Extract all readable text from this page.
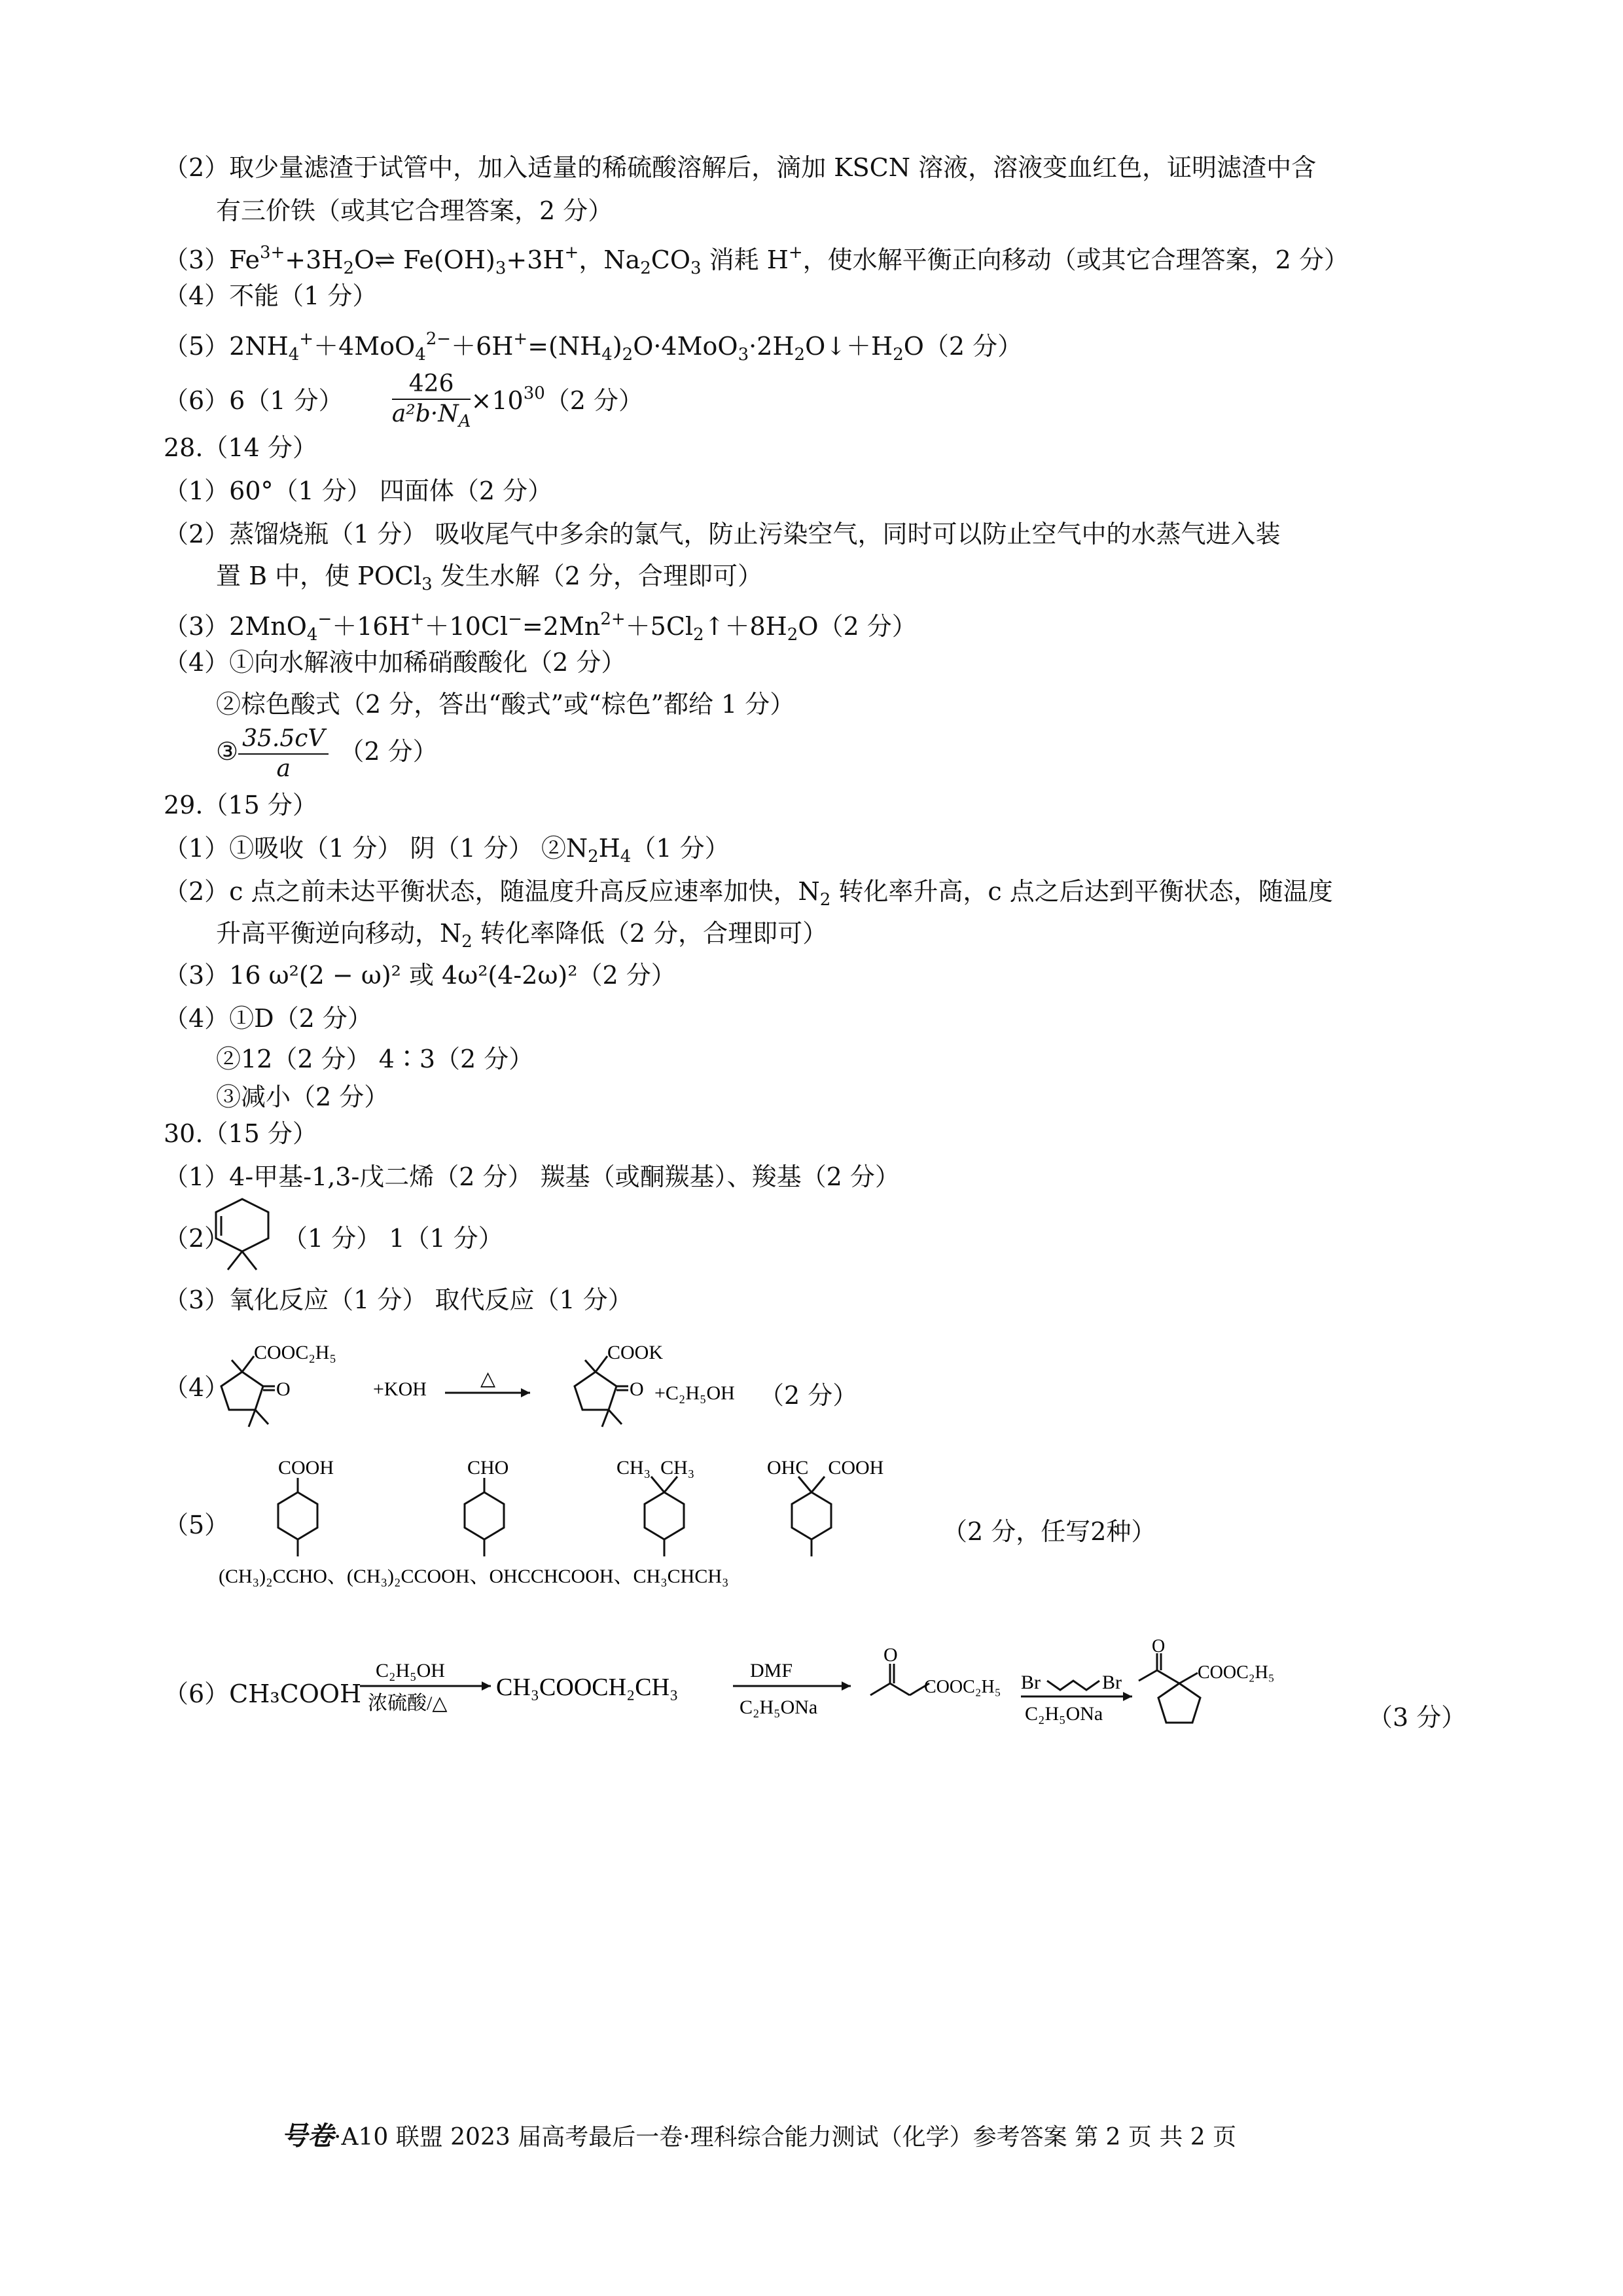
（2）取少量滤渣于试管中，加入适量的稀硫酸溶解后，滴加 KSCN 溶液，溶液变血红色，证明滤渣中含
有三价铁（或其它合理答案，2 分）
$(3)Fe^{3+}+3H_2O\rightleftharpoons$ $Fe(OH)_3+3H^+$，$Na_2CO_3$ 消耗 H+，使水解平衡正向移动（或其它合理答案，2 分）
（4）不能（1 分）
$(5)2NH_4^++4MoO_4^{2-}+6H^+=(NH_4)_2O\cdot 4MoO_3\cdot 2H_2O↓+H_2O(2$ 分）
（6）6（1 分） $\frac{426}{a^2b\cdot N_A} \times 10^{30}(2$ 分）
28.（14 分）
（1）60°（1 分） 四面体（2 分）
（2）蒸馏烧瓶（1 分） 吸收尾气中多余的氯气，防止污染空气，同时可以防止空气中的水蒸气进入装
置 B 中，使 POCl$_3$ 发生水解（2 分，合理即可）
$(3)2MnO_4^-+16H^++10Cl^-=2Mn^{2+}+5Cl_2↑+8H_2O(2$ 分）
（4）①向水解液中加稀硝酸酸化（2 分）
②棕色酸式（2 分，答出“酸式”或“棕色”都给 1 分）
③ $\frac{35.5cV}{a} (2$ 分）
29.（15 分）
（1）①吸收（1 分） 阴（1 分） $②N_2H_4(1$ 分）
（2）c 点之前未达平衡状态，随温度升高反应速率加快，$N_2$ 转化率升高，c 点之后达到平衡状态，随温度
升高平衡逆向移动，$N_2$ 转化率降低（2 分，合理即可）
（3）16 ω²(2 − ω)² 或 4ω²(4-2ω)²（2 分）
（4）①D（2 分）
②12（2 分） 4∶3（2 分）
③减小（2 分）
30.（15 分）
（1）4-甲基-1,3-戊二烯（2 分） 羰基（或酮羰基）、羧基（2 分）
（2） （1 分） 1（1 分）
（3）氧化反应（1 分） 取代反应（1 分）
（4）
COOC₂H₅
O	+KOH	△
COOK
O +C₂H₅OH （2 分）
（5）
COOH	CHO	CH₃  CH₃	OHC    COOH
(CH₃)₂CCHO、(CH₃)₂CCOOH、OHCCHCOOH、CH₃CHCH₃
（2 分，任写2种）
（6）CH₃COOH
C₂H₅OH
浓硫酸/△
CH₃COOCH₂CH₃
DMF
C₂H₅ONa
O
COOC₂H₅ Br	Br
C₂H₅ONa
O
COOC₂H₅
（3 分）
号卷·A10 联盟 2023 届高考最后一卷·理科综合能力测试（化学）参考答案 第 2 页 共 2 页
